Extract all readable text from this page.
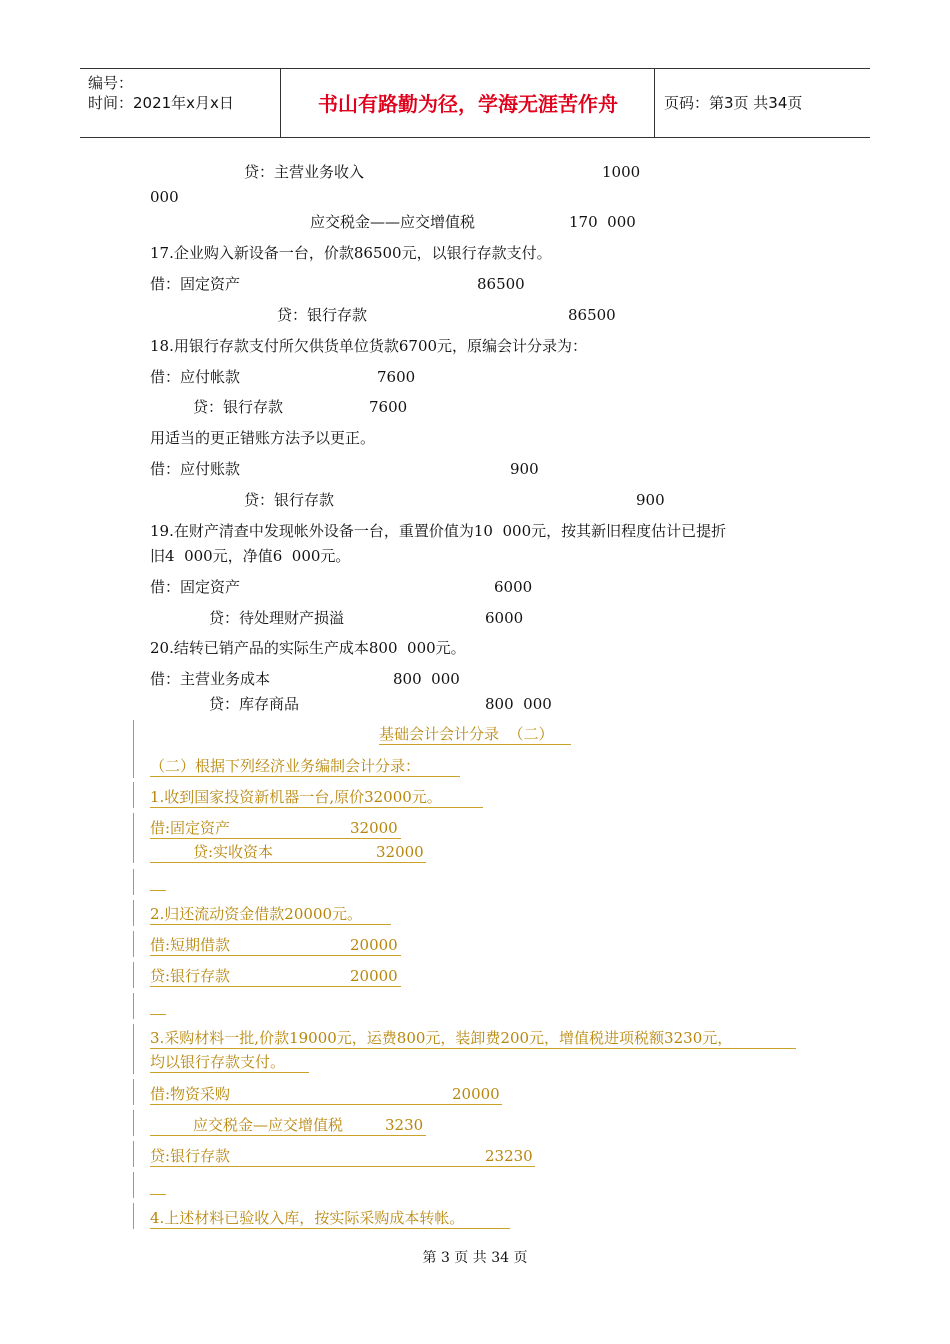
编号：
时间：2021年x月x日	书山有路勤为径，学海无涯苦作舟	页码：第3页 共34页
贷：主营业务收入	1000
000
应交税金——应交增值税	170  000
17.企业购入新设备一台，价款86500元，以银行存款支付。
借：固定资产	86500
贷：银行存款	86500
18.用银行存款支付所欠供货单位货款6700元，原编会计分录为：
借：应付帐款	7600
贷：银行存款	7600
用适当的更正错账方法予以更正。
借：应付账款	900
贷：银行存款	900
19.在财产清查中发现帐外设备一台，重置价值为10  000元，按其新旧程度估计已提折
旧4  000元，净值6  000元。
借：固定资产	6000
贷：待处理财产损溢	6000
20.结转已销产品的实际生产成本800  000元。
借：主营业务成本	800  000
贷：库存商品	800  000
基础会计会计分录  （二）
（二）根据下列经济业务编制会计分录：
1.收到国家投资新机器一台,原价32000元。
借:固定资产	32000
贷:实收资本	32000
2.归还流动资金借款20000元。
借:短期借款	20000
贷:银行存款	20000
3.采购材料一批,价款19000元，运费800元，装卸费200元，增值税进项税额3230元，
均以银行存款支付。
借:物资采购	20000
应交税金—应交增值税	3230
贷:银行存款	23230
4.上述材料已验收入库，按实际采购成本转帐。
第 3 页 共 34 页
